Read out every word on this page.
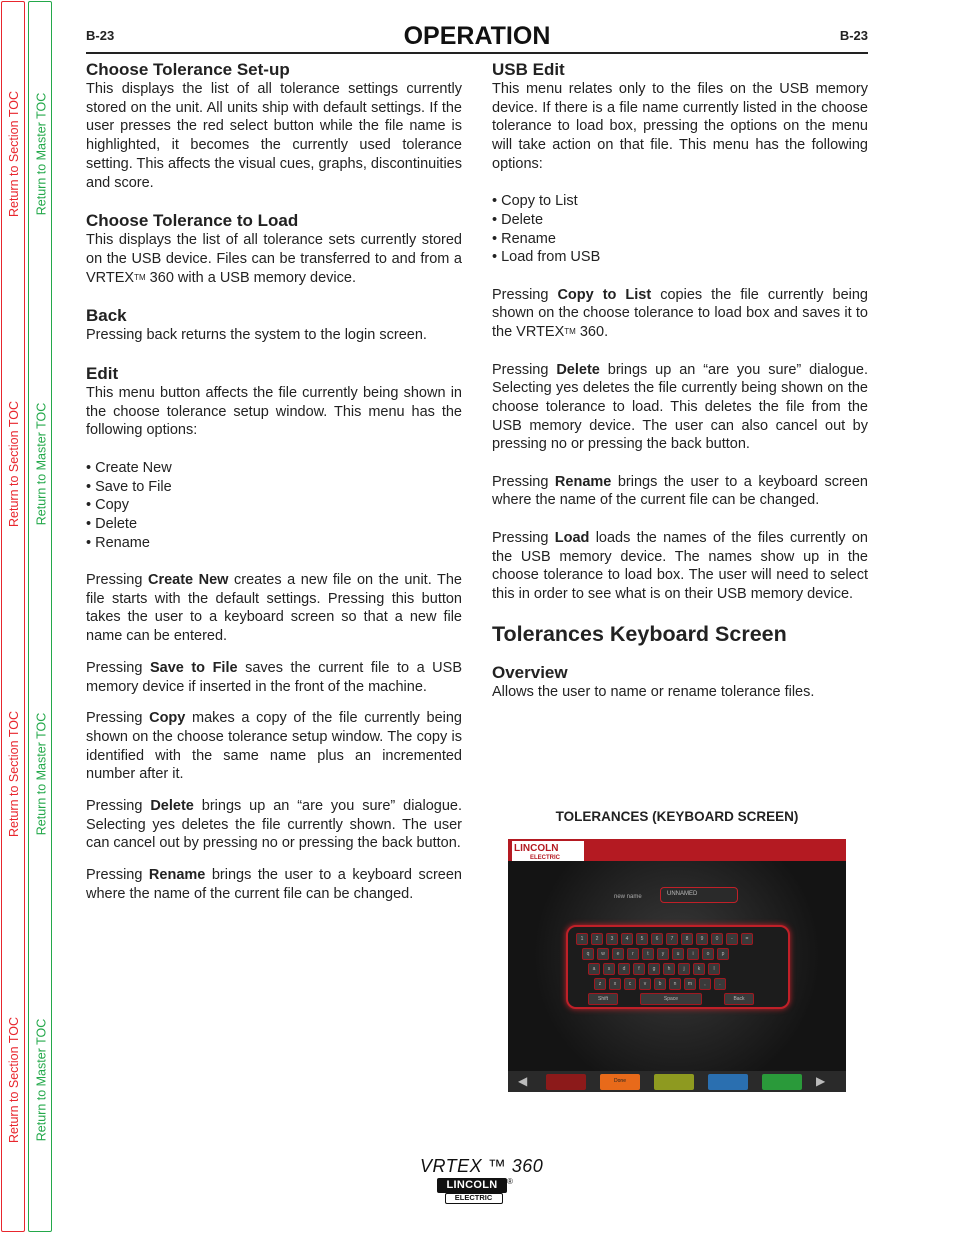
Return to Section TOC
Return to Section TOC
Return to Section TOC
Return to Section TOC
Return to Master TOC
Return to Master TOC
Return to Master TOC
Return to Master TOC
B-23	OPERATION	B-23
Choose Tolerance Set-up

This displays the list of all tolerance settings currently stored on the unit. All units ship with default settings. If the user presses the red select button while the file name is highlighted, it becomes the currently used tolerance setting. This affects the visual cues, graphs, discontinuities and score.

Choose Tolerance to Load

This displays the list of all tolerance sets currently stored on the USB device. Files can be transferred to and from a VRTEX™ 360 with a USB memory device.

Back

Pressing back returns the system to the login screen.

Edit

This menu button affects the file currently being shown in the choose tolerance setup window. This menu has the following options:

• Create New
• Save to File
• Copy
• Delete
• Rename

Pressing Create New creates a new file on the unit. The file starts with the default settings. Pressing this button takes the user to a keyboard screen so that a new file name can be entered.

Pressing Save to File saves the current file to a USB memory device if inserted in the front of the machine.

Pressing Copy makes a copy of the file currently being shown on the choose tolerance setup window. The copy is identified with the same name plus an incremented number after it.

Pressing Delete brings up an “are you sure” dialogue. Selecting yes deletes the file currently shown. The user can cancel out by pressing no or pressing the back button.

Pressing Rename brings the user to a keyboard screen where the name of the current file can be changed.

USB Edit

This menu relates only to the files on the USB memory device. If there is a file name currently listed in the choose tolerance to load box, pressing the options on the menu will take action on that file. This menu has the following options:

• Copy to List
• Delete
• Rename
• Load from USB

Pressing Copy to List copies the file currently being shown on the choose tolerance to load box and saves it to the VRTEX™ 360.

Pressing Delete brings up an “are you sure” dialogue. Selecting yes deletes the file currently being shown on the choose tolerance to load. This deletes the file from the USB memory device. The user can also cancel out by pressing no or pressing the back button.

Pressing Rename brings the user to a keyboard screen where the name of the current file can be changed.

Pressing Load loads the names of the files currently on the USB memory device. The names show up in the choose tolerance to load box. The user will need to select this in order to see what is on their USB memory device.

Tolerances Keyboard Screen
Overview

Allows the user to name or rename tolerance files.

TOLERANCES (KEYBOARD SCREEN)
LINCOLN
ELECTRIC
new name	UNNAMED
1	2	3	4	5	6	7	8	9	0	-	=
q	w	e	r	t	y	u	i	o	p
a	s	d	f	g	h	j	k	l
z	x	c	v	b	n	m	,	.
Shift	Space	Back
◀	▶
Done
VRTEX ™ 360
LINCOLN
ELECTRIC
®
